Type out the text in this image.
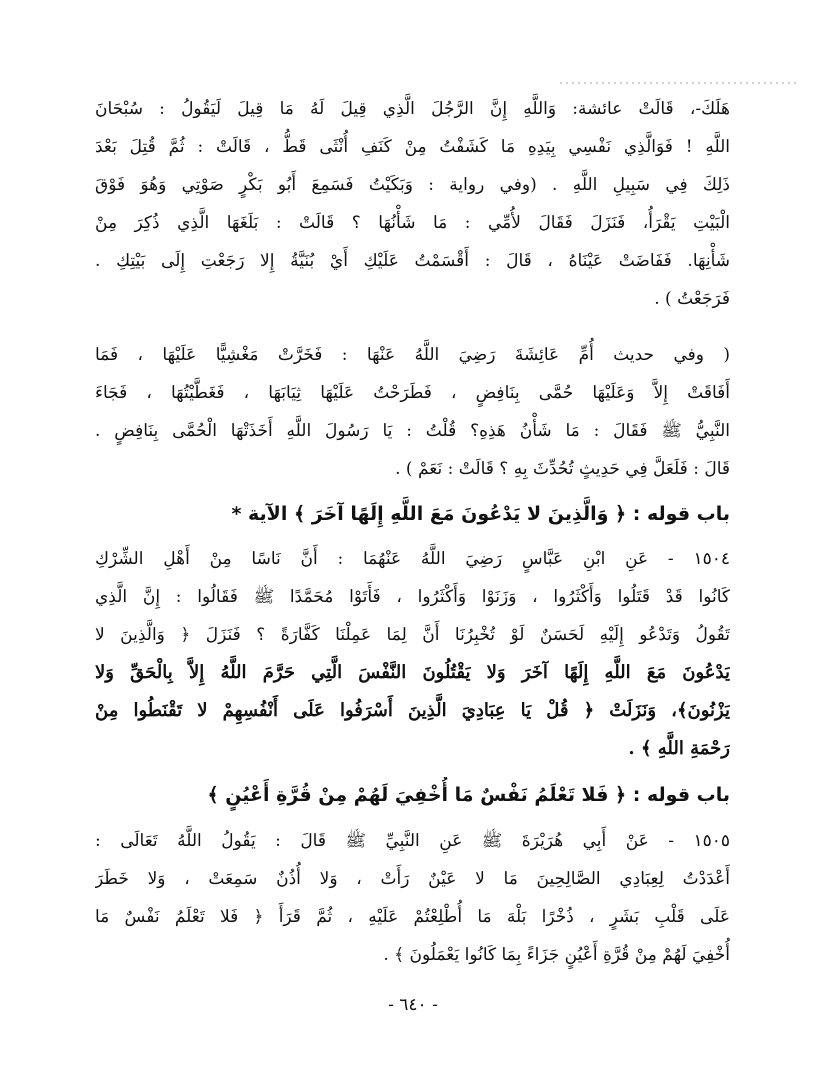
هَلَكَ-، قَالَتْ عائشة: وَاللَّهِ إِنَّ الرَّجُلَ الَّذِي قِيلَ لَهُ مَا قِيلَ لَيَقُولُ : سُبْحَانَ
اللَّهِ ! فَوَالَّذِي نَفْسِي بِيَدِهِ مَا كَشَفْتُ مِنْ كَنَفِ أُنْثَى قَطُّ ، قَالَتْ : ثُمَّ قُتِلَ بَعْدَ
ذَلِكَ فِي سَبِيلِ اللَّهِ . (وفي رواية : وَبَكَيْتُ فَسَمِعَ أَبُو بَكْرٍ صَوْتِي وَهُوَ فَوْقَ
الْبَيْتِ يَقْرَأُ، فَنَزَلَ فَقَالَ لأُمِّي : مَا شَأْنُهَا ؟ قَالَتْ : بَلَغَهَا الَّذِي ذُكِرَ مِنْ
شَأْنِهَا. فَفَاضَتْ عَيْنَاهُ ، قَالَ : أَقْسَمْتُ عَلَيْكِ أَيْ بُنَيَّةُ إِلا رَجَعْتِ إِلَى بَيْتِكِ .
فَرَجَعْتُ ) .
( وفي حديث أُمِّ عَائِشَةَ رَضِيَ اللَّهُ عَنْهَا : فَخَرَّتْ مَغْشِيًّا عَلَيْهَا ، فَمَا
أَفَاقَتْ إِلاَّ وَعَلَيْهَا حُمَّى بِنَافِضٍ ، فَطَرَحْتُ عَلَيْهَا ثِيَابَهَا ، فَغَطَّيْتُهَا ، فَجَاءَ
النَّبِيُّ ﷺ فَقَالَ : مَا شَأْنُ هَذِهِ؟ قُلْتُ : يَا رَسُولَ اللَّهِ أَخَذَتْهَا الْحُمَّى بِنَافِضٍ .
قَالَ : فَلَعَلَّ فِي حَدِيثٍ تُحُدِّثَ بِهِ ؟ قَالَتْ : نَعَمْ ) .
باب قوله : ﴿ وَالَّذِينَ لا يَدْعُونَ مَعَ اللَّهِ إِلَهًا آخَرَ ﴾ الآية *
١٥٠٤ - عَنِ ابْنِ عَبَّاسٍ رَضِيَ اللَّهُ عَنْهُمَا : أَنَّ نَاسًا مِنْ أَهْلِ الشِّرْكِ
كَانُوا قَدْ قَتَلُوا وَأَكْثَرُوا ، وَزَنَوْا وَأَكْثَرُوا ، فَأَتَوْا مُحَمَّدًا ﷺ فَقَالُوا : إِنَّ الَّذِي
تَقُولُ وَتَدْعُو إِلَيْهِ لَحَسَنٌ لَوْ تُخْبِرُنَا أَنَّ لِمَا عَمِلْنَا كَفَّارَةً ؟ فَنَزَلَ ﴿ وَالَّذِينَ لا
يَدْعُونَ مَعَ اللَّهِ إِلَهًا آخَرَ وَلا يَقْتُلُونَ النَّفْسَ الَّتِي حَرَّمَ اللَّهُ إِلاَّ بِالْحَقِّ وَلا
يَزْنُونَ﴾، وَنَزَلَتْ ﴿ قُلْ يَا عِبَادِيَ الَّذِينَ أَسْرَفُوا عَلَى أَنْفُسِهِمْ لا تَقْنَطُوا مِنْ
رَحْمَةِ اللَّهِ ﴾ .
باب قوله : ﴿ فَلا تَعْلَمُ نَفْسٌ مَا أُخْفِيَ لَهُمْ مِنْ قُرَّةِ أَعْيُنٍ ﴾
١٥٠٥ - عَنْ أَبِي هُرَيْرَةَ ﷺ عَنِ النَّبِيِّ ﷺ قَالَ : يَقُولُ اللَّهُ تَعَالَى :
أَعْدَدْتُ لِعِبَادِي الصَّالِحِينَ مَا لا عَيْنٌ رَأَتْ ، وَلا أُذُنٌ سَمِعَتْ ، وَلا خَطَرَ
عَلَى قَلْبِ بَشَرٍ ، ذُخْرًا بَلْهَ مَا أُطْلِعْتُمْ عَلَيْهِ ، ثُمَّ قَرَأَ ﴿ فَلا تَعْلَمُ نَفْسٌ مَا
أُخْفِيَ لَهُمْ مِنْ قُرَّةِ أَعْيُنٍ جَزَاءً بِمَا كَانُوا يَعْمَلُونَ ﴾ .
- ٦٤٠ -
